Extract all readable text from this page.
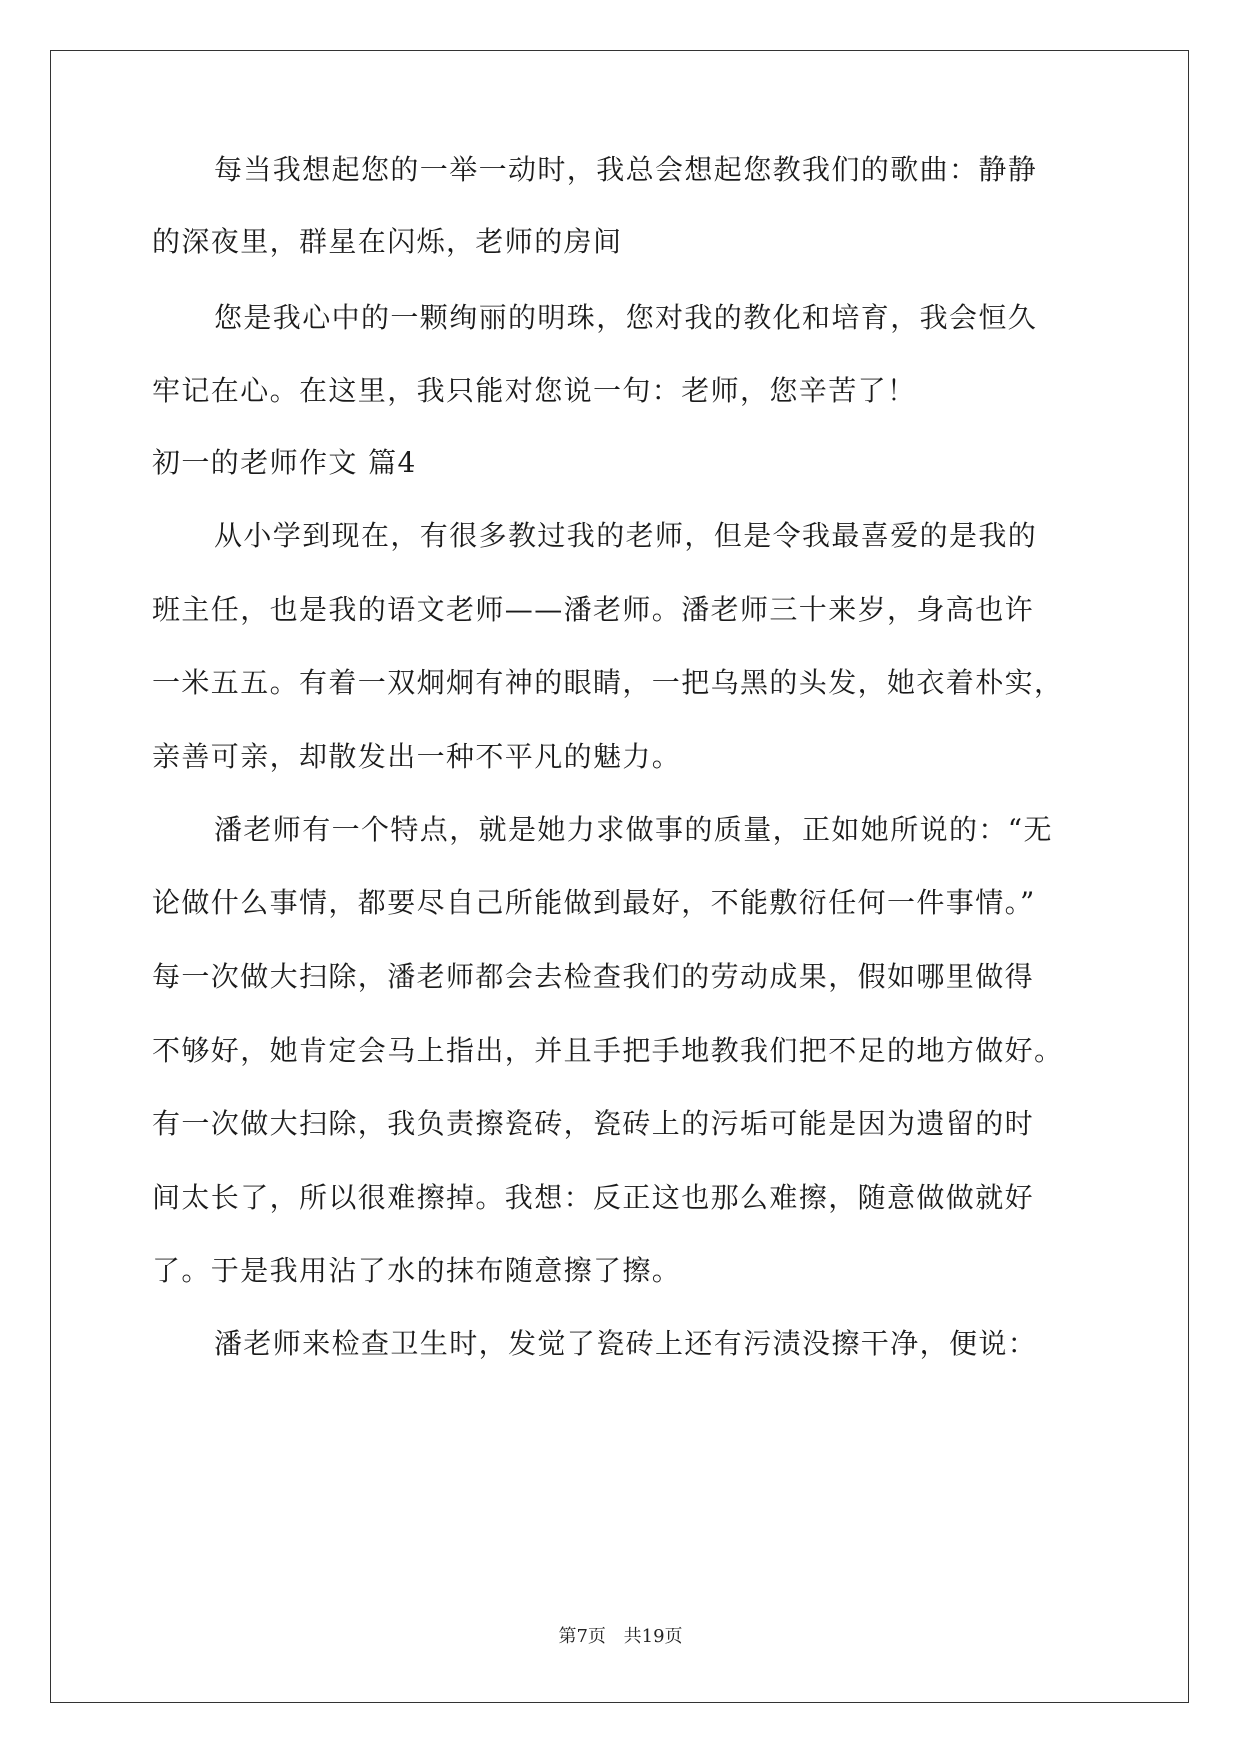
每当我想起您的一举一动时，我总会想起您教我们的歌曲：静静
的深夜里，群星在闪烁，老师的房间
您是我心中的一颗绚丽的明珠，您对我的教化和培育，我会恒久
牢记在心。在这里，我只能对您说一句：老师，您辛苦了！
初一的老师作文 篇4
从小学到现在，有很多教过我的老师，但是令我最喜爱的是我的
班主任，也是我的语文老师——潘老师。潘老师三十来岁，身高也许
一米五五。有着一双炯炯有神的眼睛，一把乌黑的头发，她衣着朴实，
亲善可亲，却散发出一种不平凡的魅力。
潘老师有一个特点，就是她力求做事的质量，正如她所说的：“无
论做什么事情，都要尽自己所能做到最好，不能敷衍任何一件事情。”
每一次做大扫除，潘老师都会去检查我们的劳动成果，假如哪里做得
不够好，她肯定会马上指出，并且手把手地教我们把不足的地方做好。
有一次做大扫除，我负责擦瓷砖，瓷砖上的污垢可能是因为遗留的时
间太长了，所以很难擦掉。我想：反正这也那么难擦，随意做做就好
了。于是我用沾了水的抹布随意擦了擦。
潘老师来检查卫生时，发觉了瓷砖上还有污渍没擦干净，便说：
第7页 共19页
